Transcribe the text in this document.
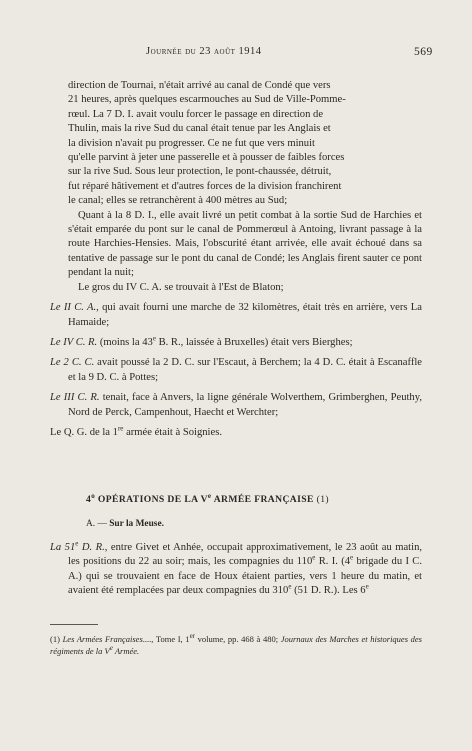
Journée du 23 août 1914	569
direction de Tournai, n'était arrivé au canal de Condé que vers
21 heures, après quelques escarmouches au Sud de Ville-Pomme-
rœul. La 7 D. I. avait voulu forcer le passage en direction de
Thulin, mais la rive Sud du canal était tenue par les Anglais et
la division n'avait pu progresser. Ce ne fut que vers minuit
qu'elle parvint à jeter une passerelle et à pousser de faibles forces
sur la rive Sud. Sous leur protection, le pont-chaussée, détruit,
fut réparé hâtivement et d'autres forces de la division franchirent
le canal; elles se retranchèrent à 400 mètres au Sud;

Quant à la 8 D. I., elle avait livré un petit combat à la sortie Sud de Harchies et s'était emparée du pont sur le canal de Pommerœul à Antoing, livrant passage à la route Harchies-Hensies. Mais, l'obscurité étant arrivée, elle avait échoué dans sa tentative de passage sur le pont du canal de Condé; les Anglais firent sauter ce pont pendant la nuit;

Le gros du IV C. A. se trouvait à l'Est de Blaton;

Le II C. A., qui avait fourni une marche de 32 kilomètres, était très en arrière, vers La Hamaide;

Le IV C. R. (moins la 43e B. R., laissée à Bruxelles) était vers Bierghes;

Le 2 C. C. avait poussé la 2 D. C. sur l'Escaut, à Berchem; la 4 D. C. était à Escanaffle et la 9 D. C. à Pottes;

Le III C. R. tenait, face à Anvers, la ligne générale Wolverthem, Grimberghen, Peuthy, Nord de Perck, Campenhout, Haecht et Werchter;

Le Q. G. de la 1re armée était à Soignies.

4$^o$ OPÉRATIONS DE LA Ve ARMÉE FRANÇAISE (1)
A. — Sur la Meuse.

La 51e D. R., entre Givet et Anhée, occupait approximativement, le 23 août au matin, les positions du 22 au soir; mais, les compagnies du 110e R. I. (4e brigade du I C. A.) qui se trouvaient en face de Houx étaient parties, vers 1 heure du matin, et avaient été remplacées par deux compagnies du 310e (51 D. R.). Les 6e

(1) Les Armées Françaises...., Tome I, 1er volume, pp. 468 à 480; Journaux des Marches et historiques des régiments de la Ve Armée.
